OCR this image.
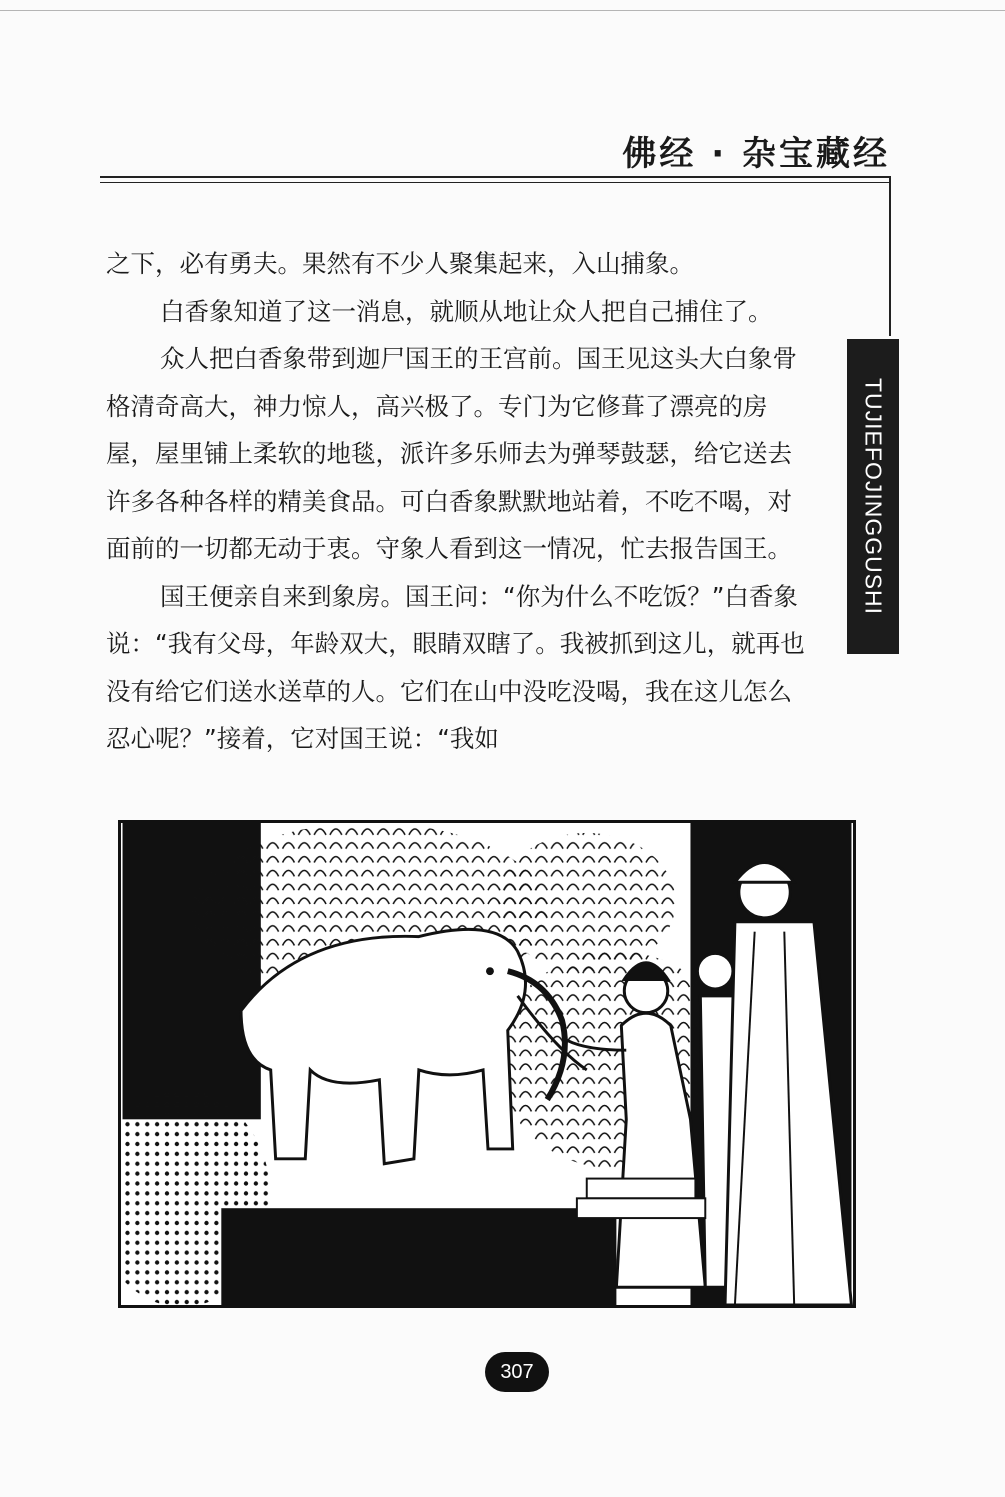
佛经 · 杂宝藏经
TUJIEFOJINGGUSHI

之下，必有勇夫。果然有不少人聚集起来，入山捕象。

白香象知道了这一消息，就顺从地让众人把自己捕住了。

众人把白香象带到迦尸国王的王宫前。国王见这头大白象骨格清奇高大，神力惊人，高兴极了。专门为它修葺了漂亮的房屋，屋里铺上柔软的地毯，派许多乐师去为弹琴鼓瑟，给它送去许多各种各样的精美食品。可白香象默默地站着，不吃不喝，对面前的一切都无动于衷。守象人看到这一情况，忙去报告国王。

国王便亲自来到象房。国王问：“你为什么不吃饭？”白香象说：“我有父母，年龄双大，眼睛双瞎了。我被抓到这儿，就再也没有给它们送水送草的人。它们在山中没吃没喝，我在这儿怎么忍心呢？”接着，它对国王说：“我如

307
